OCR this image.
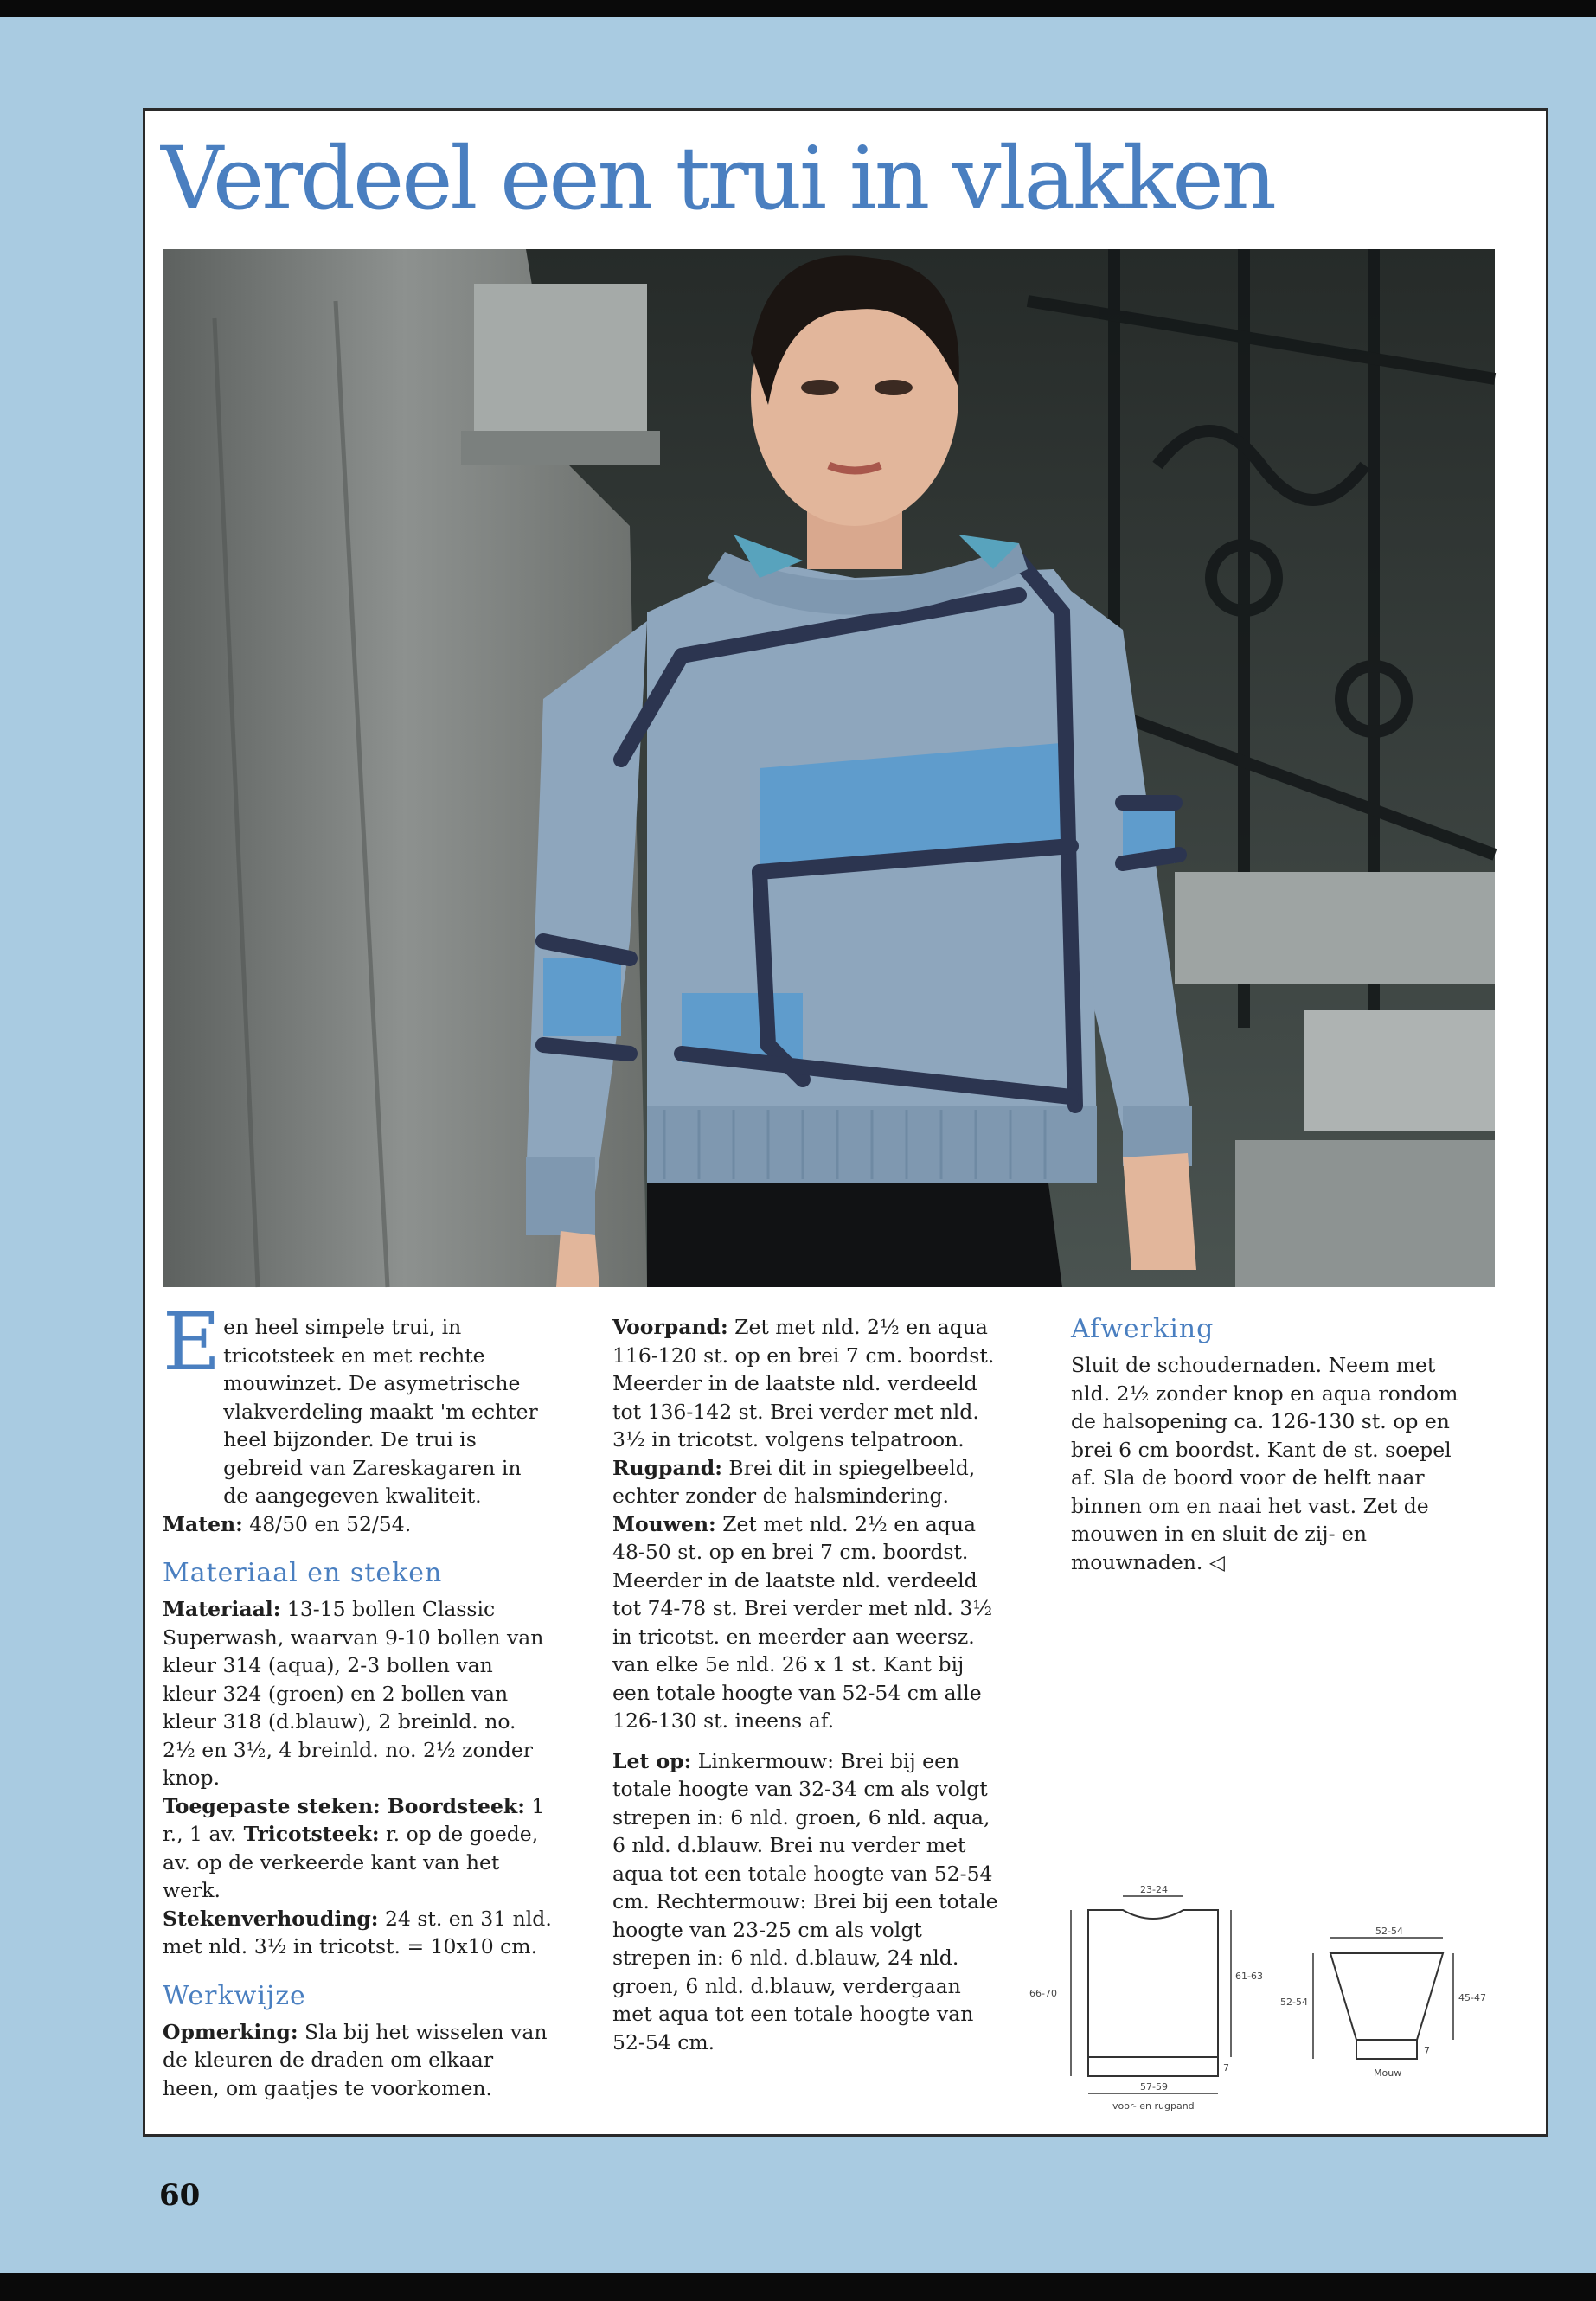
Verdeel een trui in vlakken
E en heel simpele trui, in tricotsteek en met rechte mouwinzet. De asymetrische vlakverdeling maakt 'm echter heel bijzonder. De trui is gebreid van Zareskagaren in de aangegeven kwaliteit.

Maten: 48/50 en 52/54.

Materiaal en steken

Materiaal: 13-15 bollen Classic Superwash, waarvan 9-10 bollen van kleur 314 (aqua), 2-3 bollen van kleur 324 (groen) en 2 bollen van kleur 318 (d.blauw), 2 breinld. no. 2½ en 3½, 4 breinld. no. 2½ zonder knop.

Toegepaste steken: Boordsteek: 1 r., 1 av. Tricotsteek: r. op de goede, av. op de verkeerde kant van het werk.

Stekenverhouding: 24 st. en 31 nld. met nld. 3½ in tricotst. = 10x10 cm.

Werkwijze

Opmerking: Sla bij het wisselen van de kleuren de draden om elkaar heen, om gaatjes te voorkomen.

Voorpand: Zet met nld. 2½ en aqua 116-120 st. op en brei 7 cm. boordst. Meerder in de laatste nld. verdeeld tot 136-142 st. Brei verder met nld. 3½ in tricotst. volgens telpatroon.

Rugpand: Brei dit in spiegelbeeld, echter zonder de halsmindering.

Mouwen: Zet met nld. 2½ en aqua 48-50 st. op en brei 7 cm. boordst. Meerder in de laatste nld. verdeeld tot 74-78 st. Brei verder met nld. 3½ in tricotst. en meerder aan weersz. van elke 5e nld. 26 x 1 st. Kant bij een totale hoogte van 52-54 cm alle 126-130 st. ineens af.

Let op: Linkermouw: Brei bij een totale hoogte van 32-34 cm als volgt strepen in: 6 nld. groen, 6 nld. aqua, 6 nld. d.blauw. Brei nu verder met aqua tot een totale hoogte van 52-54 cm. Rechtermouw: Brei bij een totale hoogte van 23-25 cm als volgt strepen in: 6 nld. d.blauw, 24 nld. groen, 6 nld. d.blauw, verdergaan met aqua tot een totale hoogte van 52-54 cm.

Afwerking

Sluit de schoudernaden. Neem met nld. 2½ zonder knop en aqua rondom de halsopening ca. 126-130 st. op en brei 6 cm boordst. Kant de st. soepel af. Sla de boord voor de helft naar binnen om en naai het vast. Zet de mouwen in en sluit de zij- en mouwnaden. ◁

23-24
66-70
61-63
7
57-59
voor- en rugpand
52-54
52-54	45-47
7
Mouw
60
